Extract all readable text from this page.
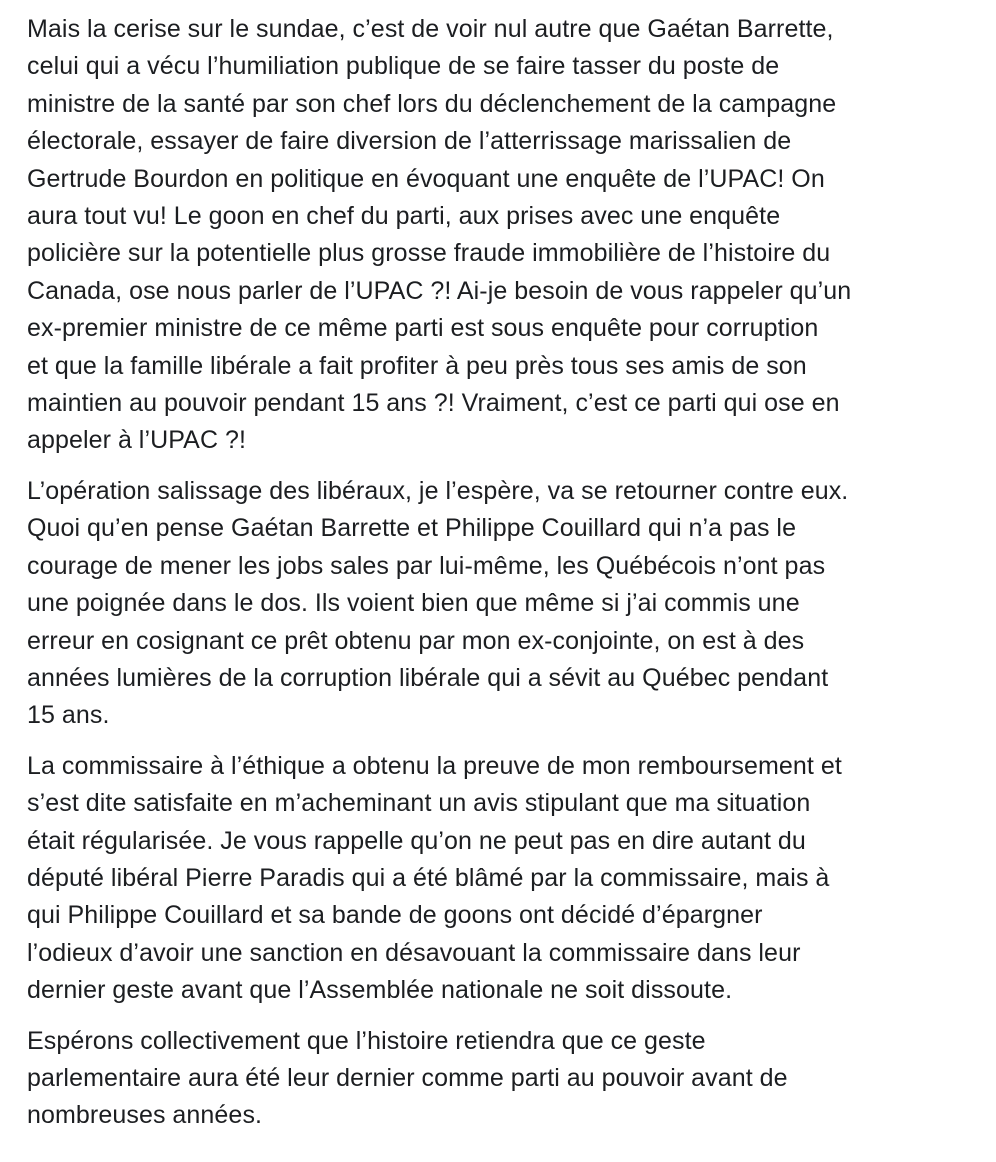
Mais la cerise sur le sundae, c’est de voir nul autre que Gaétan Barrette,
celui qui a vécu l’humiliation publique de se faire tasser du poste de
ministre de la santé par son chef lors du déclenchement de la campagne
électorale, essayer de faire diversion de l’atterrissage marissalien de
Gertrude Bourdon en politique en évoquant une enquête de l’UPAC! On
aura tout vu! Le goon en chef du parti, aux prises avec une enquête
policière sur la potentielle plus grosse fraude immobilière de l’histoire du
Canada, ose nous parler de l’UPAC ?! Ai-je besoin de vous rappeler qu’un
ex-premier ministre de ce même parti est sous enquête pour corruption
et que la famille libérale a fait profiter à peu près tous ses amis de son
maintien au pouvoir pendant 15 ans ?! Vraiment, c’est ce parti qui ose en
appeler à l’UPAC ?!

L’opération salissage des libéraux, je l’espère, va se retourner contre eux.
Quoi qu’en pense Gaétan Barrette et Philippe Couillard qui n’a pas le
courage de mener les jobs sales par lui-même, les Québécois n’ont pas
une poignée dans le dos. Ils voient bien que même si j’ai commis une
erreur en cosignant ce prêt obtenu par mon ex-conjointe, on est à des
années lumières de la corruption libérale qui a sévit au Québec pendant
15 ans.

La commissaire à l’éthique a obtenu la preuve de mon remboursement et
s’est dite satisfaite en m’acheminant un avis stipulant que ma situation
était régularisée. Je vous rappelle qu’on ne peut pas en dire autant du
député libéral Pierre Paradis qui a été blâmé par la commissaire, mais à
qui Philippe Couillard et sa bande de goons ont décidé d’épargner
l’odieux d’avoir une sanction en désavouant la commissaire dans leur
dernier geste avant que l’Assemblée nationale ne soit dissoute.

Espérons collectivement que l’histoire retiendra que ce geste
parlementaire aura été leur dernier comme parti au pouvoir avant de
nombreuses années.
